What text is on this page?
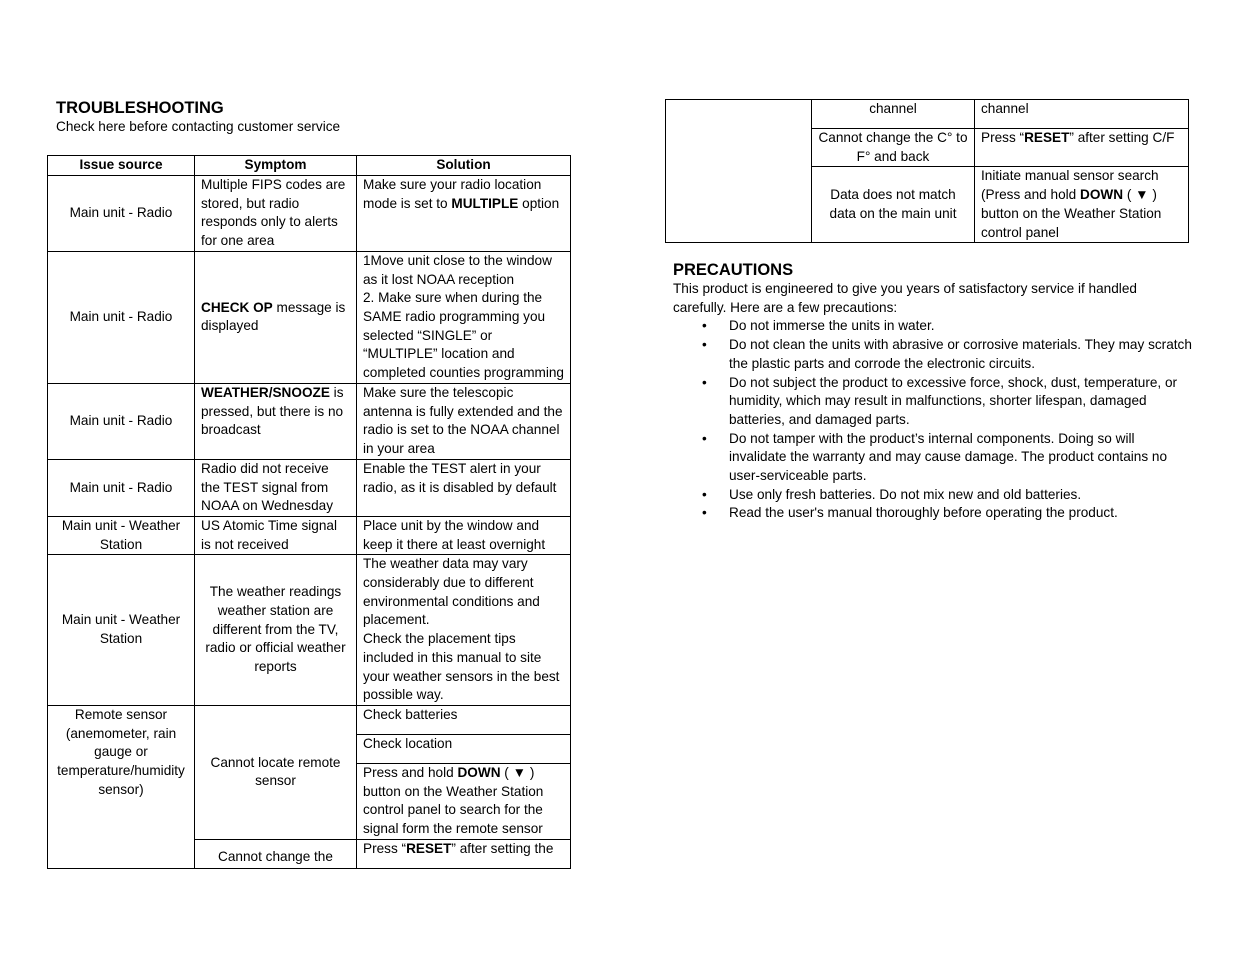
TROUBLESHOOTING

Check here before contacting customer service

Issue source	Symptom	Solution
Main unit - Radio	Multiple FIPS codes are stored, but radio responds only to alerts for one area	Make sure your radio location mode is set to MULTIPLE option
Main unit - Radio	CHECK OP message is displayed	1Move unit close to the window as it lost NOAA reception
2. Make sure when during the SAME radio programming you selected “SINGLE” or “MULTIPLE” location and completed counties programming

Main unit - Radio	WEATHER/SNOOZE is pressed, but there is no broadcast	Make sure the telescopic antenna is fully extended and the radio is set to the NOAA channel in your area
Main unit - Radio	Radio did not receive the TEST signal from NOAA on Wednesday	Enable the TEST alert in your radio, as it is disabled by default
Main unit - Weather Station	US Atomic Time signal is not received	Place unit by the window and keep it there at least overnight
Main unit - Weather Station	The weather readings weather station are different from the TV, radio or official weather reports	The weather data may vary considerably due to different environmental conditions and placement.
Check the placement tips included in this manual to site your weather sensors in the best possible way.

Remote sensor (anemometer, rain gauge or temperature/humidity sensor)	Cannot locate remote sensor	Check batteries
		Check location
		Press and hold DOWN ( ▼ ) button on the Weather Station control panel to search for the signal form the remote sensor
	Cannot change the	Press “RESET” after setting the
	channel	channel
	Cannot change the C° to F° and back	Press “RESET” after setting C/F
	Data does not match data on the main unit	Initiate manual sensor search (Press and hold DOWN ( ▼ ) button on the Weather Station control panel
PRECAUTIONS
This product is engineered to give you years of satisfactory service if handled carefully. Here are a few precautions:
• Do not immerse the units in water.
• Do not clean the units with abrasive or corrosive materials. They may scratch the plastic parts and corrode the electronic circuits.
• Do not subject the product to excessive force, shock, dust, temperature, or humidity, which may result in malfunctions, shorter lifespan, damaged batteries, and damaged parts.
• Do not tamper with the product’s internal components. Doing so will invalidate the warranty and may cause damage. The product contains no user-serviceable parts.
• Use only fresh batteries. Do not mix new and old batteries.
• Read the user's manual thoroughly before operating the product.
